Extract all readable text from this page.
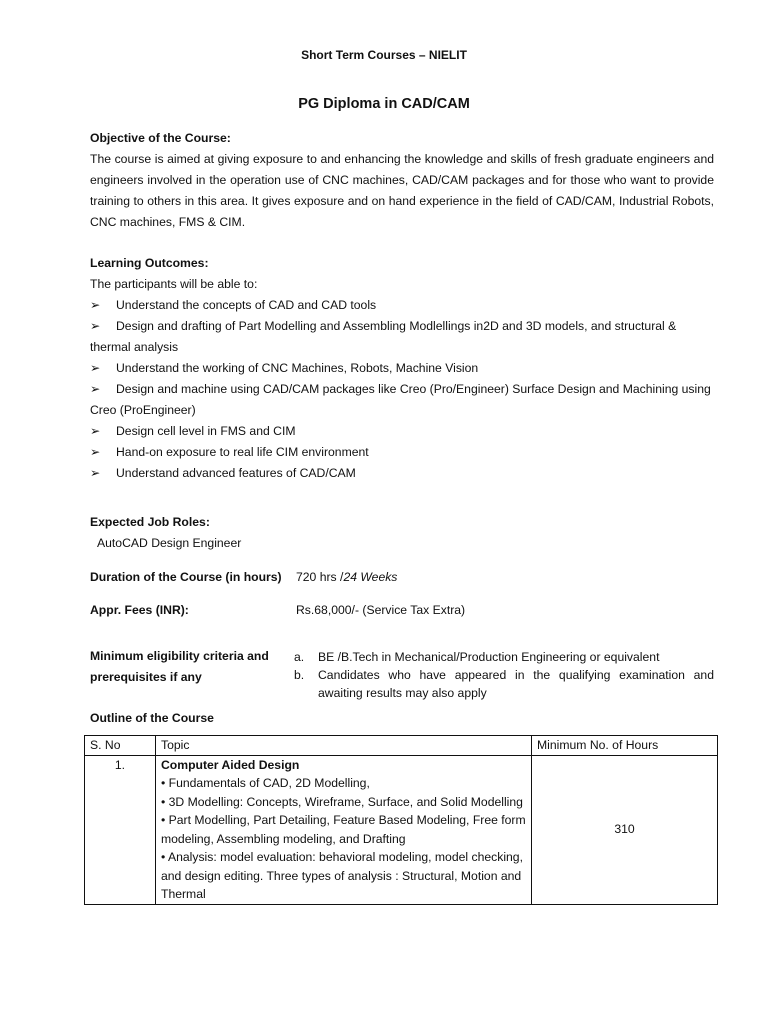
Short Term Courses – NIELIT
PG Diploma in CAD/CAM
Objective of the Course:
The course is aimed at giving exposure to and enhancing the knowledge and skills of fresh graduate engineers and engineers involved in the operation use of CNC machines, CAD/CAM packages and for those who want to provide training to others in this area. It gives exposure and on hand experience in the field of CAD/CAM, Industrial Robots, CNC machines, FMS & CIM.
Learning Outcomes:
The participants will be able to:
➢ Understand the concepts of CAD and CAD tools
➢ Design and drafting of Part Modelling and Assembling Modlellings in2D and 3D models, and structural & thermal analysis
➢ Understand the working of CNC Machines, Robots, Machine Vision
➢ Design and machine using CAD/CAM packages like Creo (Pro/Engineer) Surface Design and Machining using Creo (ProEngineer)
➢ Design cell level in FMS and CIM
➢ Hand-on exposure to real life CIM environment
➢ Understand advanced features of CAD/CAM
Expected Job Roles:
AutoCAD Design Engineer
Duration of the Course (in hours)	720 hrs /24 Weeks
Appr. Fees (INR):	Rs.68,000/- (Service Tax Extra)
Minimum eligibility criteria and prerequisites if any
a. BE /B.Tech in Mechanical/Production Engineering or equivalent
b. Candidates who have appeared in the qualifying examination and awaiting results may also apply
Outline of the Course
S. No	Topic	Minimum No. of Hours
1.	Computer Aided Design
• Fundamentals of CAD, 2D Modelling,
• 3D Modelling: Concepts, Wireframe, Surface, and Solid Modelling
• Part Modelling, Part Detailing, Feature Based Modeling, Free form modeling, Assembling modeling, and Drafting
• Analysis: model evaluation: behavioral modeling, model checking, and design editing. Three types of analysis : Structural, Motion and Thermal	310
